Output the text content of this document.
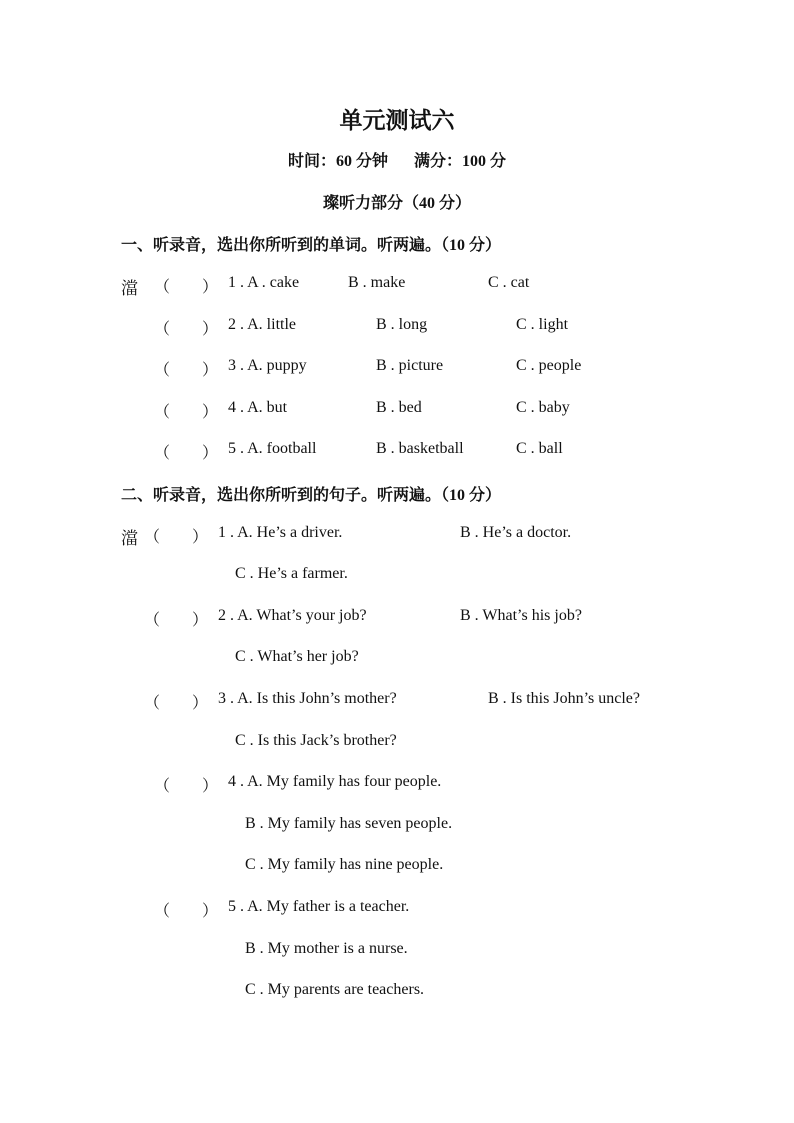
单元测试六
时间：60 分钟 满分：100 分
璨听力部分（40 分）
一、听录音，选出你所听到的单词。听两遍。（10 分）
澢 （　　） 1 . A . cake	B . make	C . cat
（　　） 2 . A. little	B . long	C . light
（　　） 3 . A. puppy	B . picture	C . people
（　　） 4 . A. but	B . bed	C . baby
（　　） 5 . A. football	B . basketball	C . ball
二、听录音，选出你所听到的句子。听两遍。（10 分）
澢 （　　） 1 . A. He’s a driver.	B . He’s a doctor.
C . He’s a farmer.
（　　） 2 . A. What’s your job?	B . What’s his job?
C . What’s her job?
（　　） 3 . A. Is this John’s mother?	B . Is this John’s uncle?
C . Is this Jack’s brother?
（　　） 4 . A. My family has four people.
B . My family has seven people.
C . My family has nine people.
（　　） 5 . A. My father is a teacher.
B . My mother is a nurse.
C . My parents are teachers.
